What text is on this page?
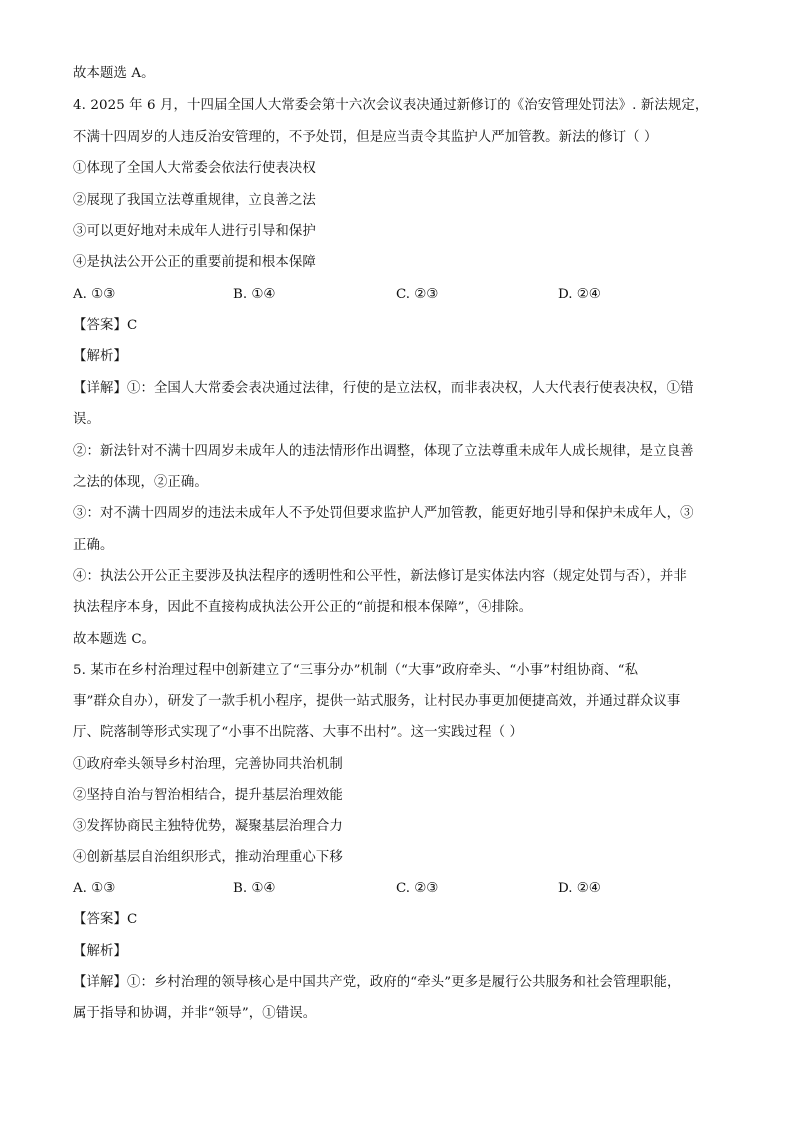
故本题选 A。
4. 2025 年 6 月，十四届全国人大常委会第十六次会议表决通过新修订的《治安管理处罚法》. 新法规定，
不满十四周岁的人违反治安管理的，不予处罚，但是应当责令其监护人严加管教。新法的修订（ ）
①体现了全国人大常委会依法行使表决权
②展现了我国立法尊重规律，立良善之法
③可以更好地对未成年人进行引导和保护
④是执法公开公正的重要前提和根本保障
A. ①③	B. ①④	C. ②③	D. ②④
【答案】C
【解析】
【详解】①：全国人大常委会表决通过法律，行使的是立法权，而非表决权，人大代表行使表决权，①错
误。
②：新法针对不满十四周岁未成年人的违法情形作出调整，体现了立法尊重未成年人成长规律，是立良善
之法的体现，②正确。
③：对不满十四周岁的违法未成年人不予处罚但要求监护人严加管教，能更好地引导和保护未成年人，③
正确。
④：执法公开公正主要涉及执法程序的透明性和公平性，新法修订是实体法内容（规定处罚与否），并非
执法程序本身，因此不直接构成执法公开公正的“前提和根本保障”，④排除。
故本题选 C。
5. 某市在乡村治理过程中创新建立了“三事分办”机制（“大事”政府牵头、“小事”村组协商、“私
事”群众自办），研发了一款手机小程序，提供一站式服务，让村民办事更加便捷高效，并通过群众议事
厅、院落制等形式实现了“小事不出院落、大事不出村”。这一实践过程（ ）
①政府牵头领导乡村治理，完善协同共治机制
②坚持自治与智治相结合，提升基层治理效能
③发挥协商民主独特优势，凝聚基层治理合力
④创新基层自治组织形式，推动治理重心下移
A. ①③	B. ①④	C. ②③	D. ②④
【答案】C
【解析】
【详解】①：乡村治理的领导核心是中国共产党，政府的“牵头”更多是履行公共服务和社会管理职能，
属于指导和协调，并非“领导”，①错误。
